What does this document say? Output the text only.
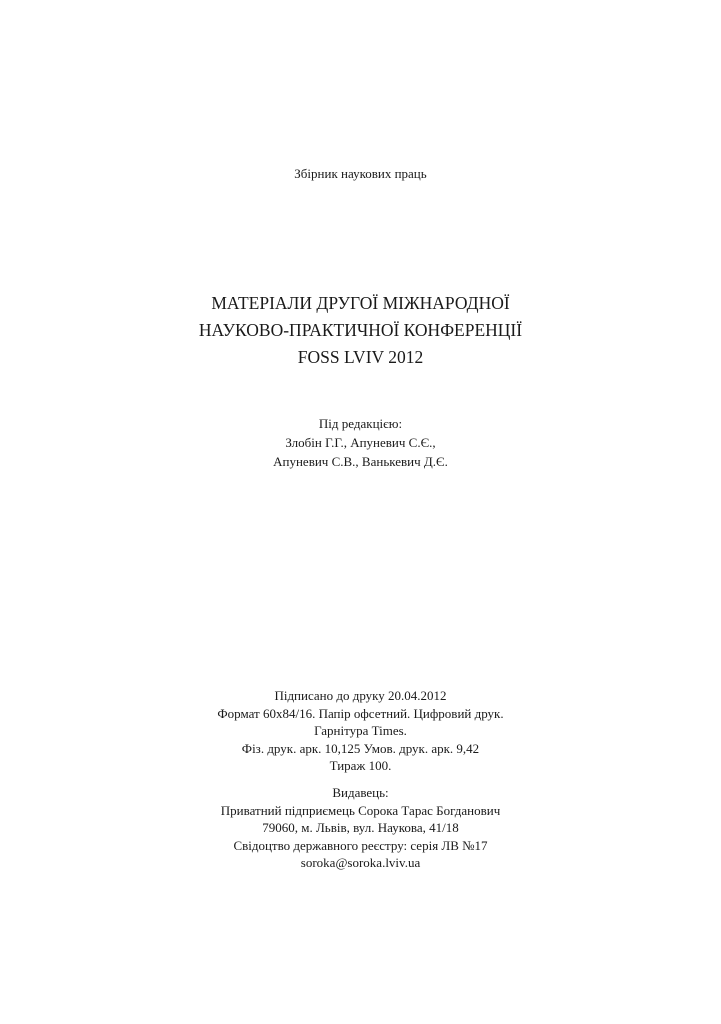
Збірник наукових праць
МАТЕРІАЛИ ДРУГОЇ МІЖНАРОДНОЇ
НАУКОВО-ПРАКТИЧНОЇ КОНФЕРЕНЦІЇ
FOSS LVIV 2012
Під редакцією:
Злобін Г.Г., Апуневич С.Є.,
Апуневич С.В., Ванькевич Д.Є.
Підписано до друку 20.04.2012
Формат 60х84/16. Папір офсетний. Цифровий друк.
Гарнітура Times.
Фіз. друк. арк. 10,125 Умов. друк. арк. 9,42
Тираж 100.
Видавець:
Приватний підприємець Сорока Тарас Богданович
79060, м. Львів, вул. Наукова, 41/18
Свідоцтво державного реєстру: серія ЛВ №17
soroka@soroka.lviv.ua
